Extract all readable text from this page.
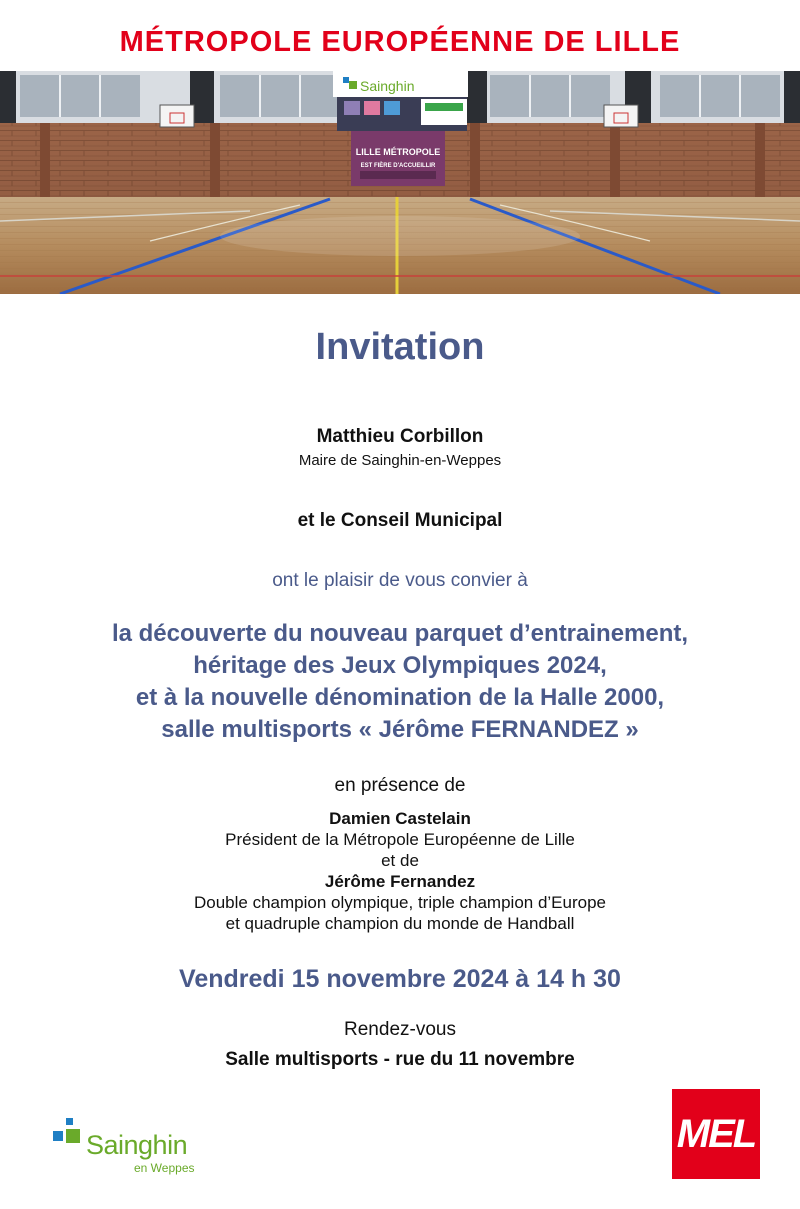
MÉTROPOLE EUROPÉENNE DE LILLE
Sainghin
LILLE MÉTROPOLE
EST FIÈRE D'ACCUEILLIR
Invitation
Matthieu Corbillon
Maire de Sainghin-en-Weppes
et le Conseil Municipal
ont le plaisir de vous convier à
la découverte du nouveau parquet d’entrainement,
héritage des Jeux Olympiques 2024,
et à la nouvelle dénomination de la Halle 2000,
salle multisports « Jérôme FERNANDEZ »
en présence de
Damien Castelain
Président de la Métropole Européenne de Lille
et de
Jérôme Fernandez
Double champion olympique, triple champion d’Europe
et quadruple champion du monde de Handball
Vendredi 15 novembre 2024 à 14 h 30
Rendez-vous
Salle multisports - rue du 11 novembre
Sainghin
en Weppes
MEL
